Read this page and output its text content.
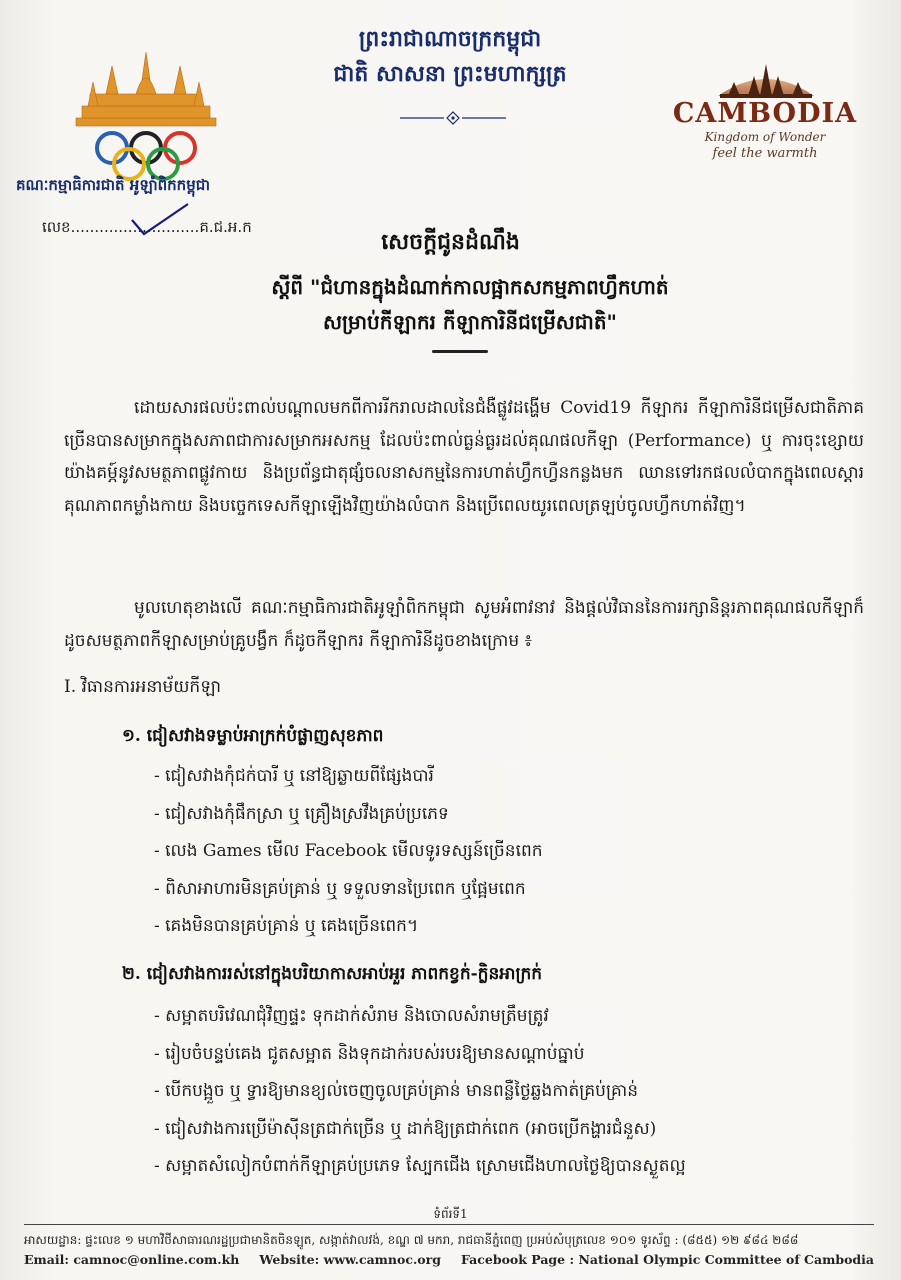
គណៈកម្មាធិការជាតិ អូឡាំពិកកម្ពុជា
លេខ...........................គ.ជ.អ.ក
ព្រះរាជាណាចក្រកម្ពុជា
ជាតិ សាសនា ព្រះមហាក្សត្រ
CAMBODIA
Kingdom of Wonder
feel the warmth
សេចក្តីជូនដំណឹង
ស្តីពី "ជំហានក្នុងដំណាក់កាលផ្អាកសកម្មភាពហ្វឹកហាត់
សម្រាប់កីឡាករ កីឡាការិនីជម្រើសជាតិ"
ដោយសារផលប៉ះពាល់បណ្តាលមកពីការរីករាលដាលនៃជំងឺផ្លូវដង្ហើម Covid19 កីឡាករ កីឡាការិនីជម្រើសជាតិភាគច្រើនបានសម្រាកក្នុងសភាពជាការសម្រាកអសកម្ម ដែលប៉ះពាល់ធ្ងន់ធ្ងរដល់គុណផលកីឡា (Performance) ឬ ការចុះខ្សោយយ៉ាងគម្ភ៍នូវសមត្ថភាពផ្លូវកាយ និងប្រព័ន្ធជាតុផ្សំចលនាសកម្មនៃការហាត់ហ្វឹកហ្វឺនកន្លងមក ឈានទៅរកផលលំបាកក្នុងពេលស្តារគុណភាពកម្លាំងកាយ និងបច្ចេកទេសកីឡាឡើងវិញយ៉ាងលំបាក និងប្រើពេលយូរពេលត្រឡប់ចូលហ្វឹកហាត់វិញ។
មូលហេតុខាងលើ គណៈកម្មាធិការជាតិអូឡាំពិកកម្ពុជា សូមអំពាវនាវ និងផ្តល់វិធាននៃការរក្សានិន្តរភាពគុណផលកីឡាក៏ដូចសមត្ថភាពកីឡាសម្រាប់គ្រូបង្វឹក ក៏ដូចកីឡាករ កីឡាការិនីដូចខាងក្រោម ៖
I. វិធានការអនាម័យកីឡា
១. ជៀសវាងទម្លាប់អាក្រក់បំផ្លាញសុខភាព
- ជៀសវាងកុំជក់បារី ឬ នៅឱ្យឆ្ងាយពីផ្សែងបារី
- ជៀសវាងកុំផឹកស្រា ឬ គ្រឿងស្រវឹងគ្រប់ប្រភេទ
- លេង Games មើល Facebook មើលទូរទស្សន៍ច្រើនពេក
- ពិសាអាហារមិនគ្រប់គ្រាន់ ឬ ទទួលទានប្រៃពេក ឬផ្អែមពេក
- គេងមិនបានគ្រប់គ្រាន់ ឬ គេងច្រើនពេក។
២. ជៀសវាងការរស់នៅក្នុងបរិយាកាសអាប់អួរ ភាពកខ្វក់-ក្លិនអាក្រក់
- សម្អាតបរិវេណជុំវិញផ្ទះ ទុកដាក់សំរាម និងចោលសំរាមត្រឹមត្រូវ
- រៀបចំបន្ទប់គេង ជូតសម្អាត និងទុកដាក់របស់របរឱ្យមានសណ្តាប់ធ្នាប់
- បើកបង្អួច ឬ ទ្វារឱ្យមានខ្យល់ចេញចូលគ្រប់គ្រាន់ មានពន្លឺថ្ងៃឆ្លងកាត់គ្រប់គ្រាន់
- ជៀសវាងការប្រើម៉ាស៊ីនត្រជាក់ច្រើន ឬ ដាក់ឱ្យត្រជាក់ពេក (អាចប្រើកង្ហារជំនួស)
- សម្អាតសំលៀកបំពាក់កីឡាគ្រប់ប្រភេទ ស្បែកជើង ស្រោមជើងហាលថ្ងៃឱ្យបានស្ងួតល្អ
ទំព័រទី1
អាសយដ្ឋាន: ផ្ទះលេខ ១ មហាវិថីសាធារណរដ្ឋប្រជាមានិតចិនឡូត, សង្កាត់វាលវង់, ខណ្ឌ ៧ មករា, រាជធានីភ្នំពេញ ប្រអប់សំបុត្រលេខ ១០១ ទូរស័ព្ទ : (៨៥៥) ១២ ៩៨៤ ២៨៨
Email: camnoc@online.com.kh Website: www.camnoc.org Facebook Page : National Olympic Committee of Cambodia
